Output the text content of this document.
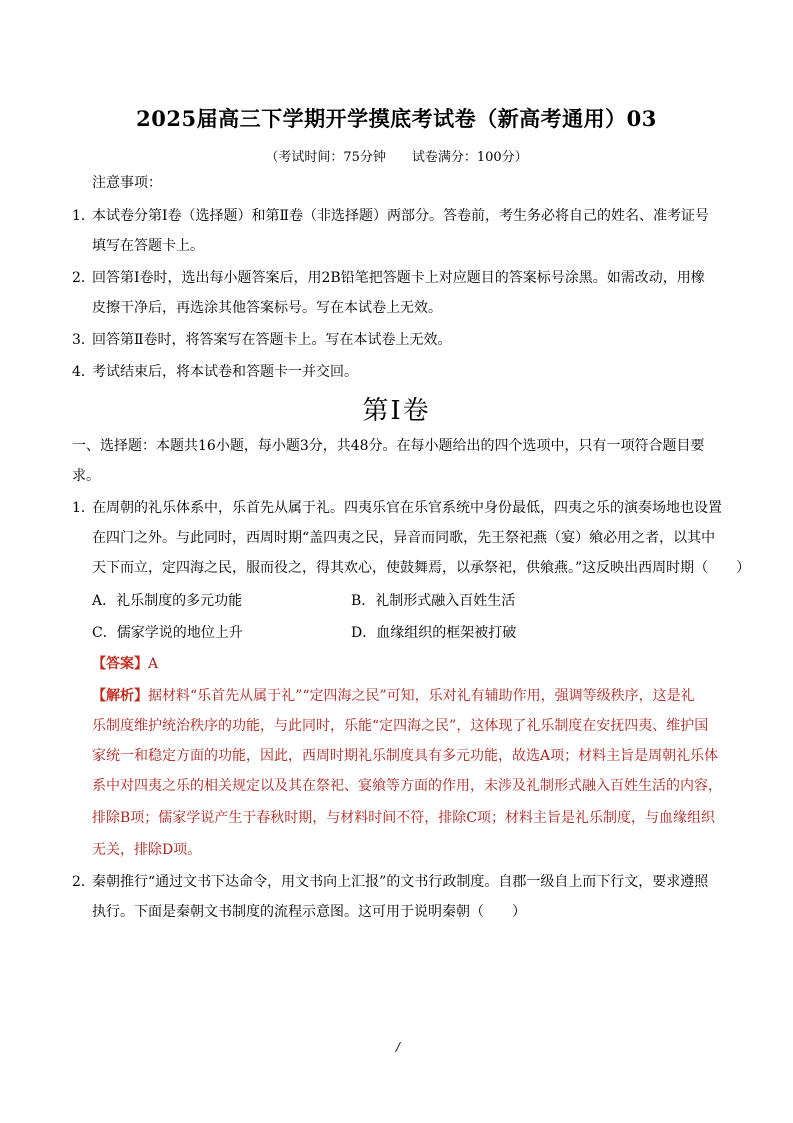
2025届高三下学期开学摸底考试卷（新高考通用）03
（考试时间：75分钟　　试卷满分：100分）
注意事项：
1．
本试卷分第Ⅰ卷（选择题）和第Ⅱ卷（非选择题）两部分。答卷前，考生务必将自己的姓名、准考证号
填写在答题卡上。
2．
回答第Ⅰ卷时，选出每小题答案后，用2B铅笔把答题卡上对应题目的答案标号涂黑。如需改动，用橡
皮擦干净后，再选涂其他答案标号。写在本试卷上无效。
3．
回答第Ⅱ卷时，将答案写在答题卡上。写在本试卷上无效。
4．
考试结束后，将本试卷和答题卡一并交回。
第Ⅰ卷
一、选择题：本题共16小题，每小题3分，共48分。在每小题给出的四个选项中，只有一项符合题目要
求。
1．
在周朝的礼乐体系中，乐首先从属于礼。四夷乐官在乐官系统中身份最低，四夷之乐的演奏场地也设置
在四门之外。与此同时，西周时期“盖四夷之民，异音而同歌，先王祭祀燕（宴）飨必用之者，以其中
天下而立，定四海之民，服而役之，得其欢心，使鼓舞焉，以承祭祀，供飨燕。”这反映出西周时期（　　）
A．礼乐制度的多元功能	B．礼制形式融入百姓生活
C．儒家学说的地位上升	D．血缘组织的框架被打破
【答案】A
【解析】据材料“乐首先从属于礼”“定四海之民”可知，乐对礼有辅助作用，强调等级秩序，这是礼
乐制度维护统治秩序的功能，与此同时，乐能“定四海之民”，这体现了礼乐制度在安抚四夷、维护国
家统一和稳定方面的功能，因此，西周时期礼乐制度具有多元功能，故选A项；材料主旨是周朝礼乐体
系中对四夷之乐的相关规定以及其在祭祀、宴飨等方面的作用，未涉及礼制形式融入百姓生活的内容，
排除B项；儒家学说产生于春秋时期，与材料时间不符，排除C项；材料主旨是礼乐制度，与血缘组织
无关，排除D项。
2．
秦朝推行“通过文书下达命令，用文书向上汇报”的文书行政制度。自郡一级自上而下行文，要求遵照
执行。下面是秦朝文书制度的流程示意图。这可用于说明秦朝（　　）
/
